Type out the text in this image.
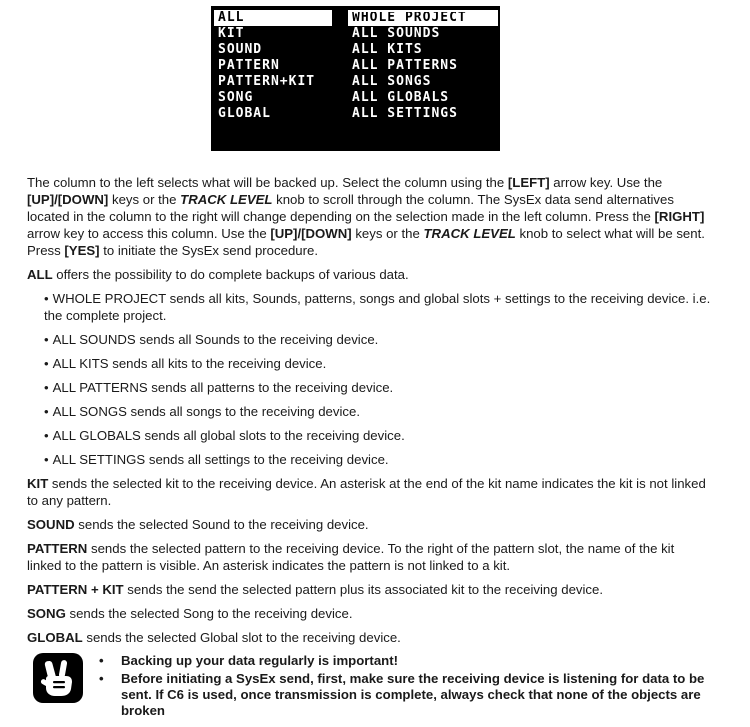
ALL
KIT
SOUND
PATTERN
PATTERN+KIT
SONG
GLOBAL
WHOLE PROJECT
ALL SOUNDS
ALL KITS
ALL PATTERNS
ALL SONGS
ALL GLOBALS
ALL SETTINGS

The column to the left selects what will be backed up. Select the column using the [LEFT] arrow key. Use the [UP]/[DOWN] keys or the TRACK LEVEL knob to scroll through the column. The SysEx data send alternatives located in the column to the right will change depending on the selection made in the left column. Press the [RIGHT] arrow key to access this column. Use the [UP]/[DOWN] keys or the TRACK LEVEL knob to select what will be sent. Press [YES] to initiate the SysEx send procedure.

ALL offers the possibility to do complete backups of various data.

• WHOLE PROJECT sends all kits, Sounds, patterns, songs and global slots + settings to the receiving device. i.e. the complete project.
• ALL SOUNDS sends all Sounds to the receiving device.
• ALL KITS sends all kits to the receiving device.
• ALL PATTERNS sends all patterns to the receiving device.
• ALL SONGS sends all songs to the receiving device.
• ALL GLOBALS sends all global slots to the receiving device.
• ALL SETTINGS sends all settings to the receiving device.

KIT sends the selected kit to the receiving device. An asterisk at the end of the kit name indicates the kit is not linked to any pattern.

SOUND sends the selected Sound to the receiving device.

PATTERN sends the selected pattern to the receiving device. To the right of the pattern slot, the name of the kit linked to the pattern is visible. An asterisk indicates the pattern is not linked to a kit.

PATTERN + KIT sends the send the selected pattern plus its associated kit to the receiving device.

SONG sends the selected Song to the receiving device.

GLOBAL sends the selected Global slot to the receiving device.

• Backing up your data regularly is important!
• Before initiating a SysEx send, first, make sure the receiving device is listening for data to be sent. If C6 is used, once transmission is complete, always check that none of the objects are broken
